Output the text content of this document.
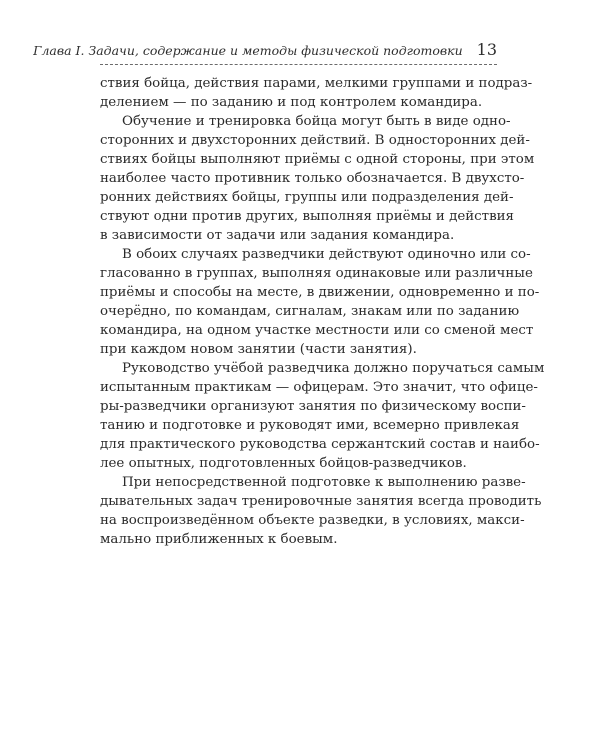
Глава I. Задачи, содержание и методы физической подготовки 13
ствия бойца, действия парами, мелкими группами и подраз-
делением — по заданию и под контролем командира.
Обучение и тренировка бойца могут быть в виде одно-
сторонних и двухсторонних действий. В односторонних дей-
ствиях бойцы выполняют приёмы с одной стороны, при этом
наиболее часто противник только обозначается. В двухсто-
ронних действиях бойцы, группы или подразделения дей-
ствуют одни против других, выполняя приёмы и действия
в зависимости от задачи или задания командира.
В обоих случаях разведчики действуют одиночно или со-
гласованно в группах, выполняя одинаковые или различные
приёмы и способы на месте, в движении, одновременно и по-
очерёдно, по командам, сигналам, знакам или по заданию
командира, на одном участке местности или со сменой мест
при каждом новом занятии (части занятия).
Руководство учёбой разведчика должно поручаться самым
испытанным практикам — офицерам. Это значит, что офице-
ры-разведчики организуют занятия по физическому воспи-
танию и подготовке и руководят ими, всемерно привлекая
для практического руководства сержантский состав и наибо-
лее опытных, подготовленных бойцов-разведчиков.
При непосредственной подготовке к выполнению разве-
дывательных задач тренировочные занятия всегда проводить
на воспроизведённом объекте разведки, в условиях, макси-
мально приближенных к боевым.
